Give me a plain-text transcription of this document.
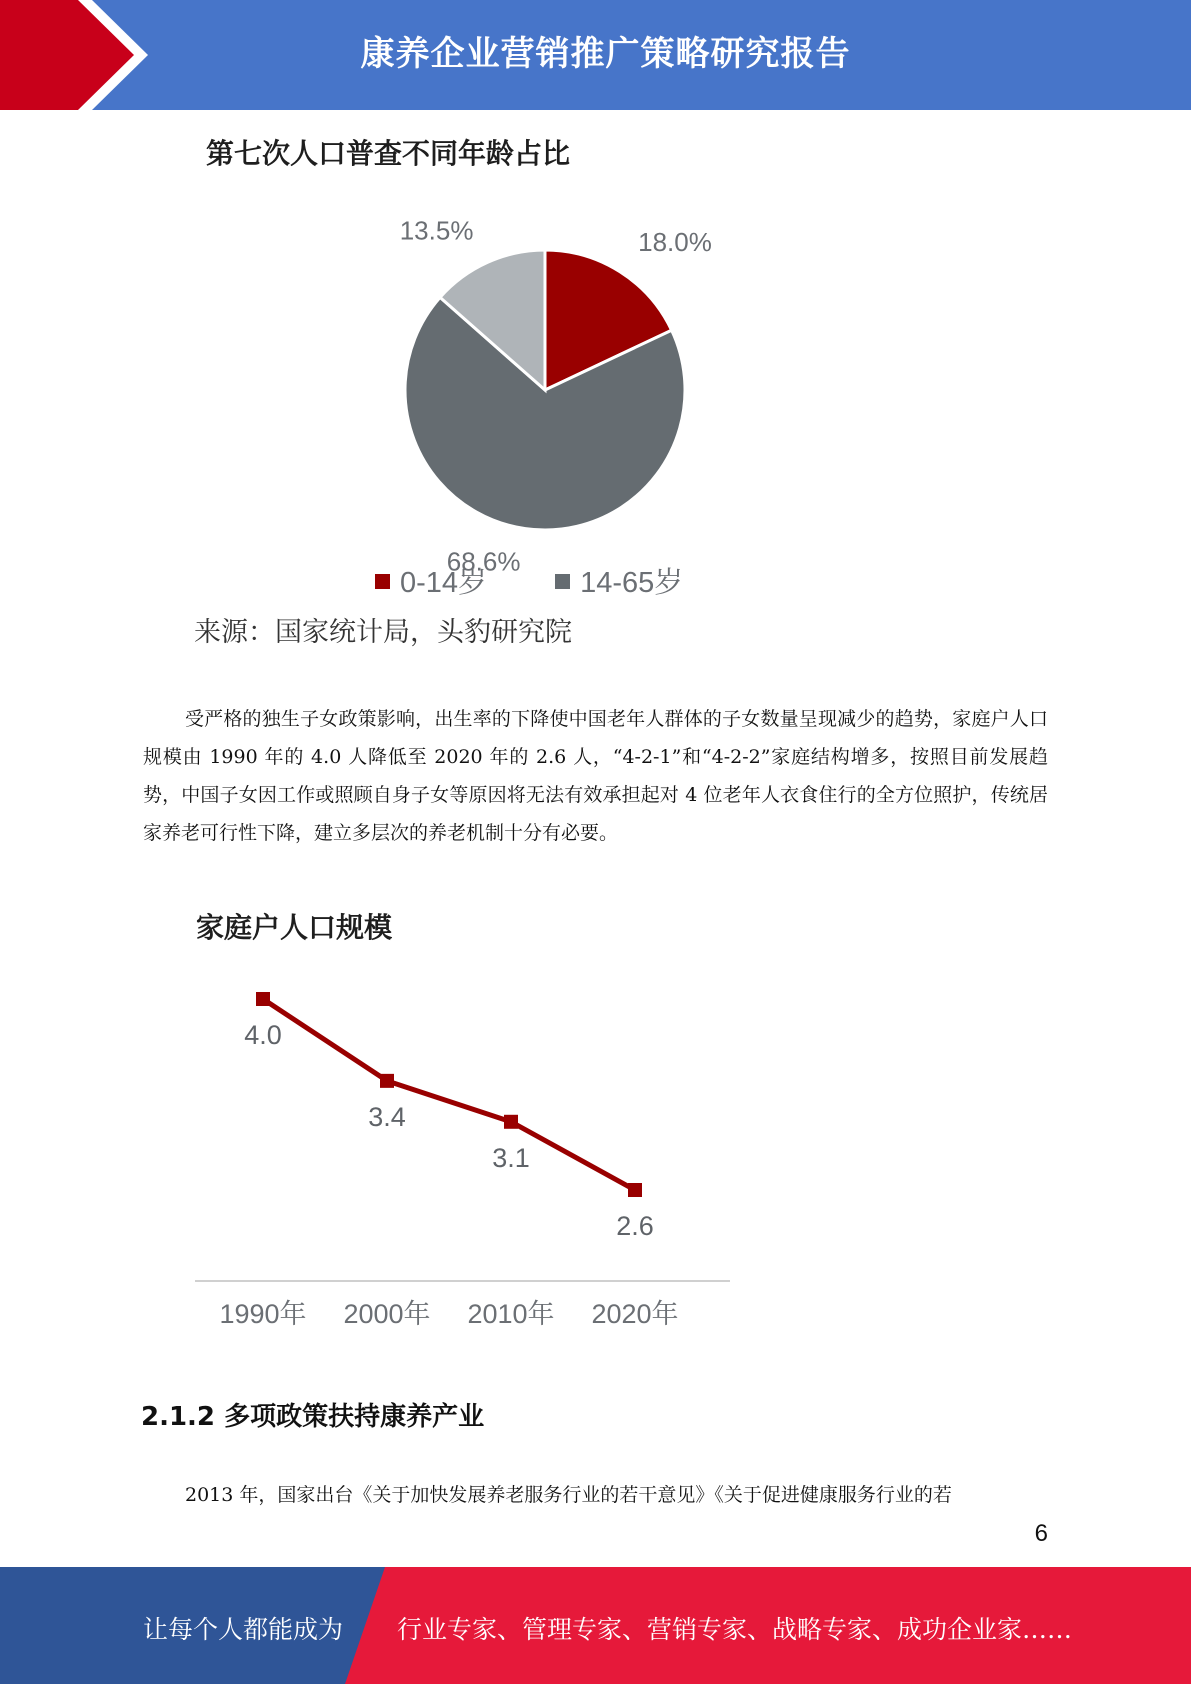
康养企业营销推广策略研究报告
第七次人口普查不同年龄占比
18.0%
68.6%
13.5%
0-14岁	14-65岁
来源：国家统计局，头豹研究院
受严格的独生子女政策影响，出生率的下降使中国老年人群体的子女数量呈现减少的趋势，家庭户人口规模由 1990 年的 4.0 人降低至 2020 年的 2.6 人，“4-2-1”和“4-2-2”家庭结构增多，按照目前发展趋势，中国子女因工作或照顾自身子女等原因将无法有效承担起对 4 位老年人衣食住行的全方位照护，传统居家养老可行性下降，建立多层次的养老机制十分有必要。
家庭户人口规模
4.0
1990年
3.4
2000年
3.1
2010年
2.6
2020年
2.1.2 多项政策扶持康养产业
2013 年，国家出台《关于加快发展养老服务行业的若干意见》《关于促进健康服务行业的若
6
让每个人都能成为 行业专家、管理专家、营销专家、战略专家、成功企业家……
